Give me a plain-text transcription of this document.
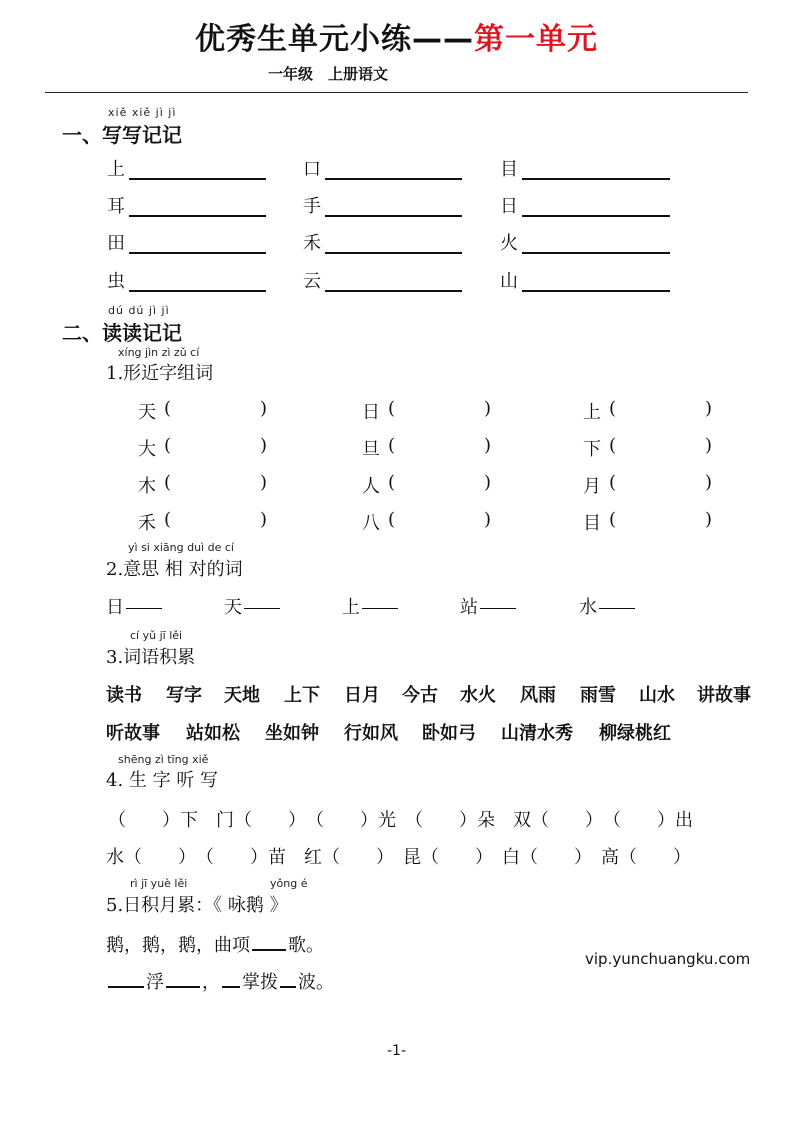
优秀生单元小练——第一单元
一年级　上册语文
xiě xiě jì jì
一、写写记记
上	口	目
耳	手	日
田	禾	火
虫	云	山
dú dú jì jì
二、读读记记
xíng jìn zì zǔ cí
1.形近字组词
天 (	)	日 (	)	上 (	)
大 (	)	旦 (	)	下 (	)
木 (	)	人 (	)	月 (	)
禾 (	)	八 (	)	目 (	)
yì si xiāng duì de cí
2.意思 相 对的词
日	天	上	站	水
cí yǔ jī lěi
3.词语积累
读书 写字 天地 上下 日月 今古 水火 风雨 雨雪 山水 讲故事
听故事 站如松 坐如钟 行如风 卧如弓 山清水秀 柳绿桃红
shēng zì tīng xiě
4. 生 字 听 写
（　　）下　门（　　）　（　　）光　（　　）朵　双（　　）　（　　）出
水（　　）　（　　）苗　红（　　）　昆（　　）　白（　　）　高（　　）
rì jī yuè lěi	yǒng é
5.日积月累：《 咏鹅 》
鹅，鹅，鹅，曲项 歌。
浮 ， 掌拨 波。
vip.yunchuangku.com
-1-
